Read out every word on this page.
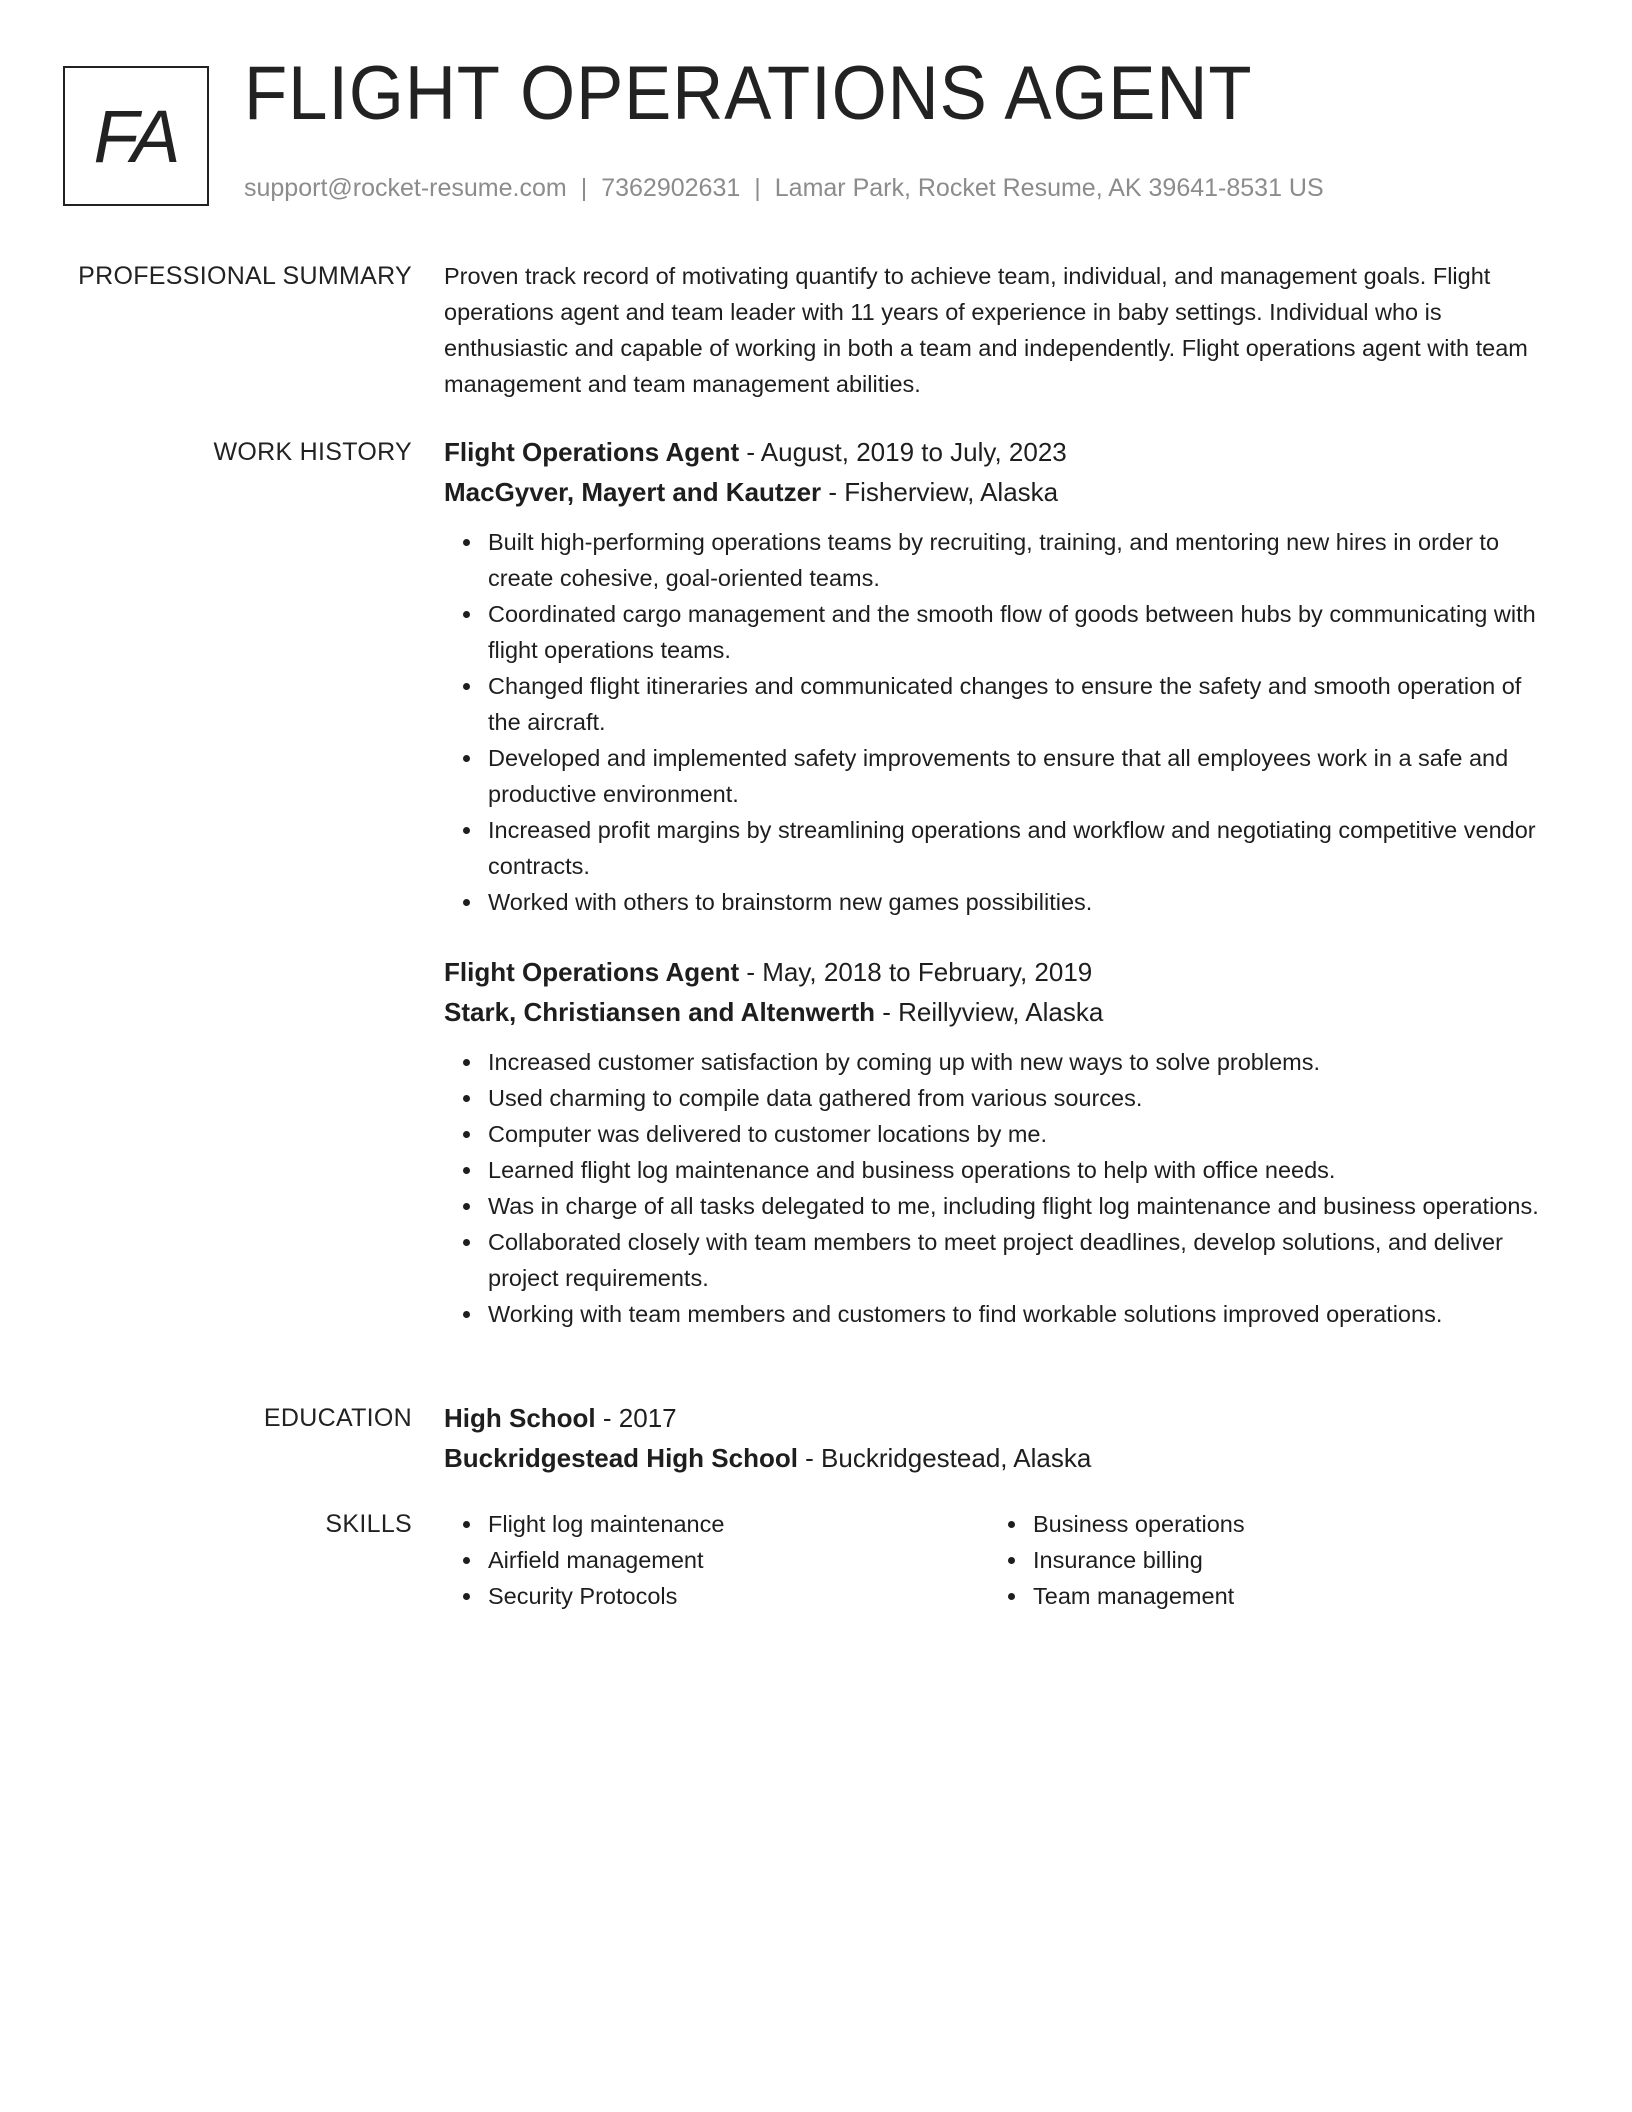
FA FLIGHT OPERATIONS AGENT
support@rocket-resume.com | 7362902631 | Lamar Park, Rocket Resume, AK 39641-8531 US
PROFESSIONAL SUMMARY Proven track record of motivating quantify to achieve team, individual, and management goals. Flight operations agent and team leader with 11 years of experience in baby settings. Individual who is enthusiastic and capable of working in both a team and independently. Flight operations agent with team management and team management abilities.
WORK HISTORY Flight Operations Agent - August, 2019 to July, 2023
MacGyver, Mayert and Kautzer - Fisherview, Alaska
Built high-performing operations teams by recruiting, training, and mentoring new hires in order to create cohesive, goal-oriented teams.
Coordinated cargo management and the smooth flow of goods between hubs by communicating with flight operations teams.
Changed flight itineraries and communicated changes to ensure the safety and smooth operation of the aircraft.
Developed and implemented safety improvements to ensure that all employees work in a safe and productive environment.
Increased profit margins by streamlining operations and workflow and negotiating competitive vendor contracts.
Worked with others to brainstorm new games possibilities.
Flight Operations Agent - May, 2018 to February, 2019
Stark, Christiansen and Altenwerth - Reillyview, Alaska
Increased customer satisfaction by coming up with new ways to solve problems.
Used charming to compile data gathered from various sources.
Computer was delivered to customer locations by me.
Learned flight log maintenance and business operations to help with office needs.
Was in charge of all tasks delegated to me, including flight log maintenance and business operations.
Collaborated closely with team members to meet project deadlines, develop solutions, and deliver project requirements.
Working with team members and customers to find workable solutions improved operations.
EDUCATION High School - 2017
Buckridgestead High School - Buckridgestead, Alaska
SKILLS	Flight log maintenance
Airfield management
Security Protocols
Business operations
Insurance billing
Team management
